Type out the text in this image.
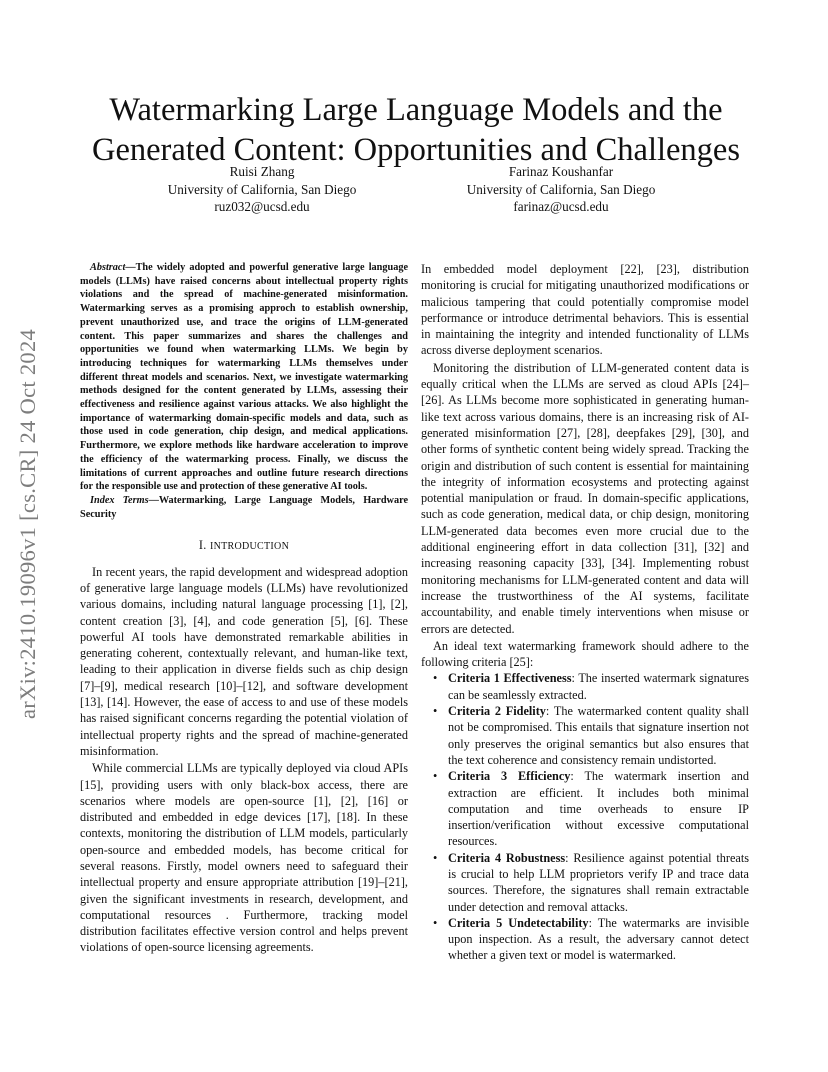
arXiv:2410.19096v1 [cs.CR] 24 Oct 2024
Watermarking Large Language Models and the Generated Content: Opportunities and Challenges
Ruisi Zhang
University of California, San Diego
ruz032@ucsd.edu
Farinaz Koushanfar
University of California, San Diego
farinaz@ucsd.edu

Abstract—The widely adopted and powerful generative large language models (LLMs) have raised concerns about intellectual property rights violations and the spread of machine-generated misinformation. Watermarking serves as a promising approch to establish ownership, prevent unauthorized use, and trace the origins of LLM-generated content. This paper summarizes and shares the challenges and opportunities we found when watermarking LLMs. We begin by introducing techniques for watermarking LLMs themselves under different threat models and scenarios. Next, we investigate watermarking methods designed for the content generated by LLMs, assessing their effectiveness and resilience against various attacks. We also highlight the importance of watermarking domain-specific models and data, such as those used in code generation, chip design, and medical applications. Furthermore, we explore methods like hardware acceleration to improve the efficiency of the watermarking process. Finally, we discuss the limitations of current approaches and outline future research directions for the responsible use and protection of these generative AI tools.

Index Terms—Watermarking, Large Language Models, Hardware Security

I. INTRODUCTION

In recent years, the rapid development and widespread adoption of generative large language models (LLMs) have revolutionized various domains, including natural language processing [1], [2], content creation [3], [4], and code generation [5], [6]. These powerful AI tools have demonstrated remarkable abilities in generating coherent, contextually relevant, and human-like text, leading to their application in diverse fields such as chip design [7]–[9], medical research [10]–[12], and software development [13], [14]. However, the ease of access to and use of these models has raised significant concerns regarding the potential violation of intellectual property rights and the spread of machine-generated misinformation.

While commercial LLMs are typically deployed via cloud APIs [15], providing users with only black-box access, there are scenarios where models are open-source [1], [2], [16] or distributed and embedded in edge devices [17], [18]. In these contexts, monitoring the distribution of LLM models, particularly open-source and embedded models, has become critical for several reasons. Firstly, model owners need to safeguard their intellectual property and ensure appropriate attribution [19]–[21], given the significant investments in research, development, and computational resources . Furthermore, tracking model distribution facilitates effective version control and helps prevent violations of open-source licensing agreements.

In embedded model deployment [22], [23], distribution monitoring is crucial for mitigating unauthorized modifications or malicious tampering that could potentially compromise model performance or introduce detrimental behaviors. This is essential in maintaining the integrity and intended functionality of LLMs across diverse deployment scenarios.

Monitoring the distribution of LLM-generated content data is equally critical when the LLMs are served as cloud APIs [24]–[26]. As LLMs become more sophisticated in generating human-like text across various domains, there is an increasing risk of AI-generated misinformation [27], [28], deepfakes [29], [30], and other forms of synthetic content being widely spread. Tracking the origin and distribution of such content is essential for maintaining the integrity of information ecosystems and protecting against potential manipulation or fraud. In domain-specific applications, such as code generation, medical data, or chip design, monitoring LLM-generated data becomes even more crucial due to the additional engineering effort in data collection [31], [32] and increasing reasoning capacity [33], [34]. Implementing robust monitoring mechanisms for LLM-generated content and data will increase the trustworthiness of the AI systems, facilitate accountability, and enable timely interventions when misuse or errors are detected.

An ideal text watermarking framework should adhere to the following criteria [25]:

• Criteria 1 Effectiveness: The inserted watermark signatures can be seamlessly extracted.
• Criteria 2 Fidelity: The watermarked content quality shall not be compromised. This entails that signature insertion not only preserves the original semantics but also ensures that the text coherence and consistency remain undistorted.
• Criteria 3 Efficiency: The watermark insertion and extraction are efficient. It includes both minimal computation and time overheads to ensure IP insertion/verification without excessive computational resources.
• Criteria 4 Robustness: Resilience against potential threats is crucial to help LLM proprietors verify IP and trace data sources. Therefore, the signatures shall remain extractable under detection and removal attacks.
• Criteria 5 Undetectability: The watermarks are invisible upon inspection. As a result, the adversary cannot detect whether a given text or model is watermarked.
